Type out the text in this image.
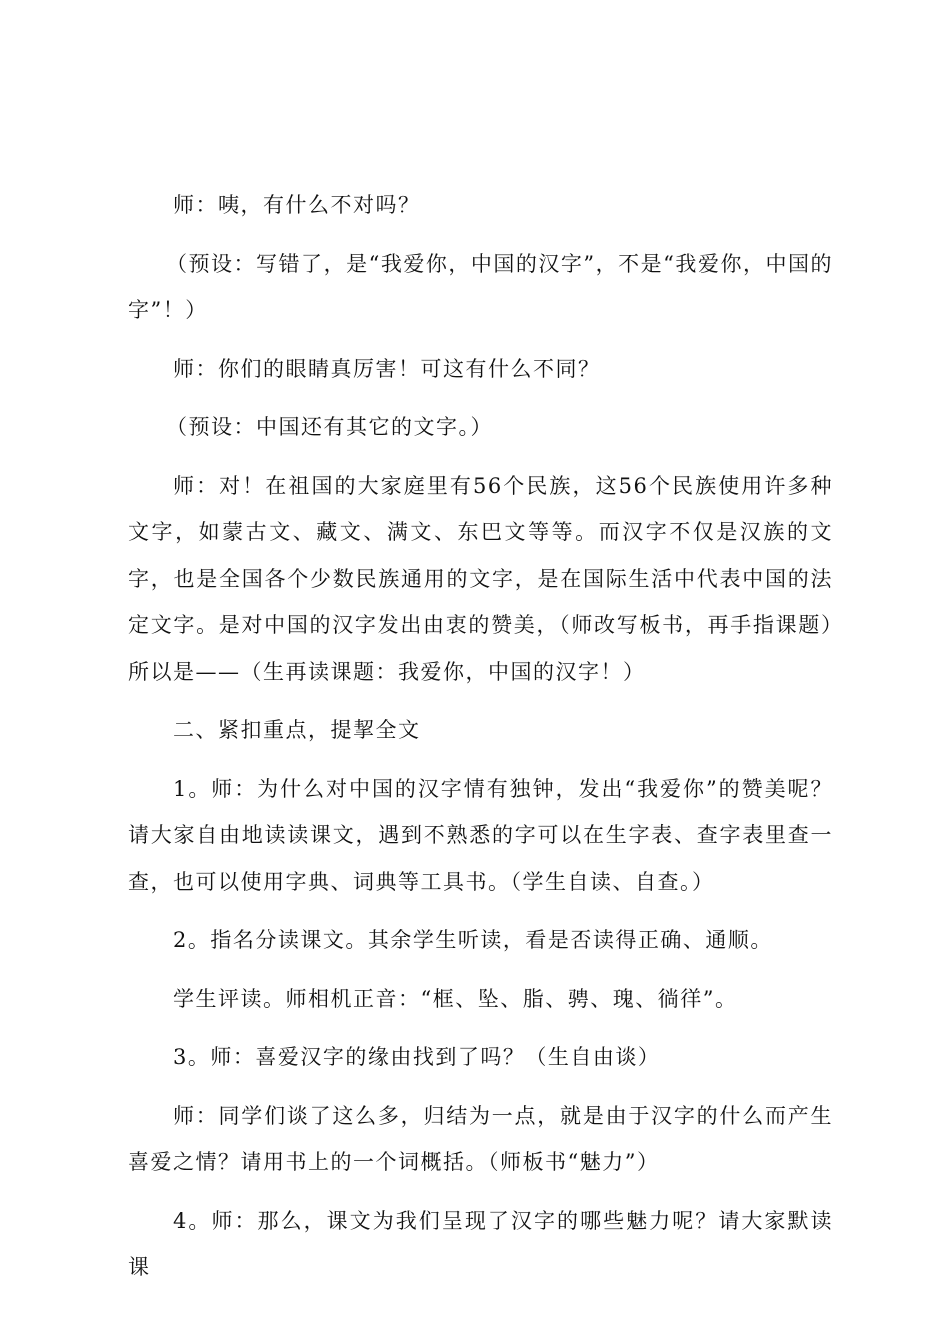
师：咦，有什么不对吗？

（预设：写错了，是“我爱你，中国的汉字”，不是“我爱你，中国的字”！）

师：你们的眼睛真厉害！可这有什么不同？

（预设：中国还有其它的文字。）

师：对！在祖国的大家庭里有56个民族，这56个民族使用许多种文字，如蒙古文、藏文、满文、东巴文等等。而汉字不仅是汉族的文字，也是全国各个少数民族通用的文字，是在国际生活中代表中国的法定文字。是对中国的汉字发出由衷的赞美，（师改写板书，再手指课题）所以是——（生再读课题：我爱你，中国的汉字！）

二、紧扣重点，提挈全文

1。师：为什么对中国的汉字情有独钟，发出“我爱你”的赞美呢？请大家自由地读读课文，遇到不熟悉的字可以在生字表、查字表里查一查，也可以使用字典、词典等工具书。（学生自读、自查。）

2。指名分读课文。其余学生听读，看是否读得正确、通顺。

学生评读。师相机正音：“框、坠、脂、骋、瑰、徜徉”。

3。师：喜爱汉字的缘由找到了吗？（生自由谈）

师：同学们谈了这么多，归结为一点，就是由于汉字的什么而产生喜爱之情？请用书上的一个词概括。（师板书“魅力”）

4。师：那么，课文为我们呈现了汉字的哪些魅力呢？请大家默读课
